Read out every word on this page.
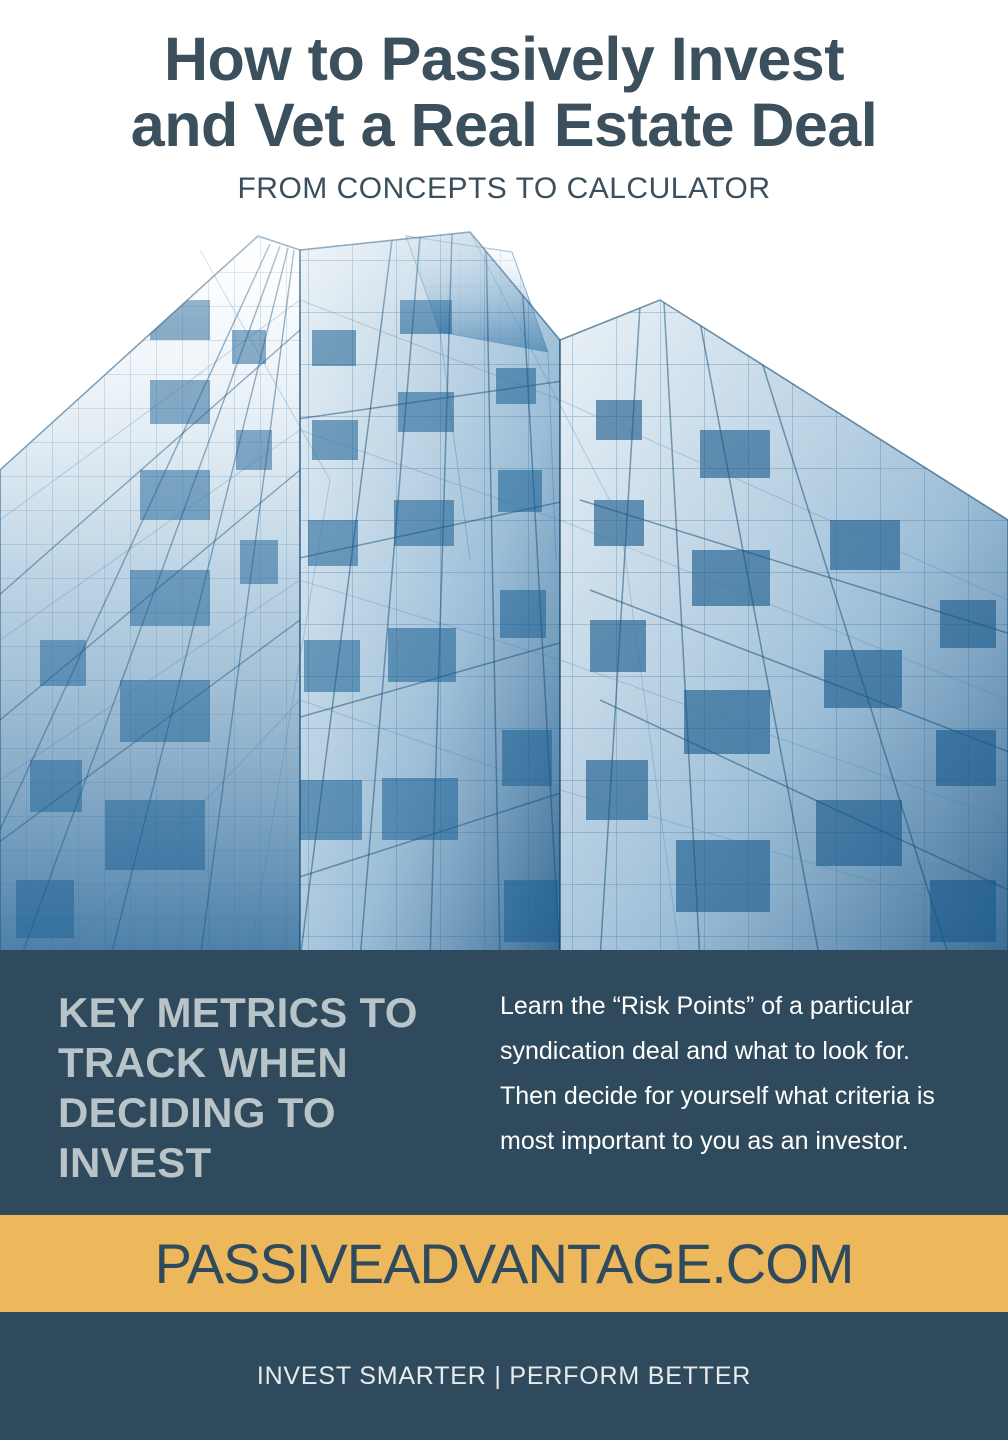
How to Passively Invest
and Vet a Real Estate Deal
FROM CONCEPTS TO CALCULATOR
KEY METRICS TO TRACK WHEN DECIDING TO INVEST
Learn the “Risk Points” of a particular syndication deal and what to look for. Then decide for yourself what criteria is most important to you as an investor.
PASSIVEADVANTAGE.COM
INVEST SMARTER | PERFORM BETTER
